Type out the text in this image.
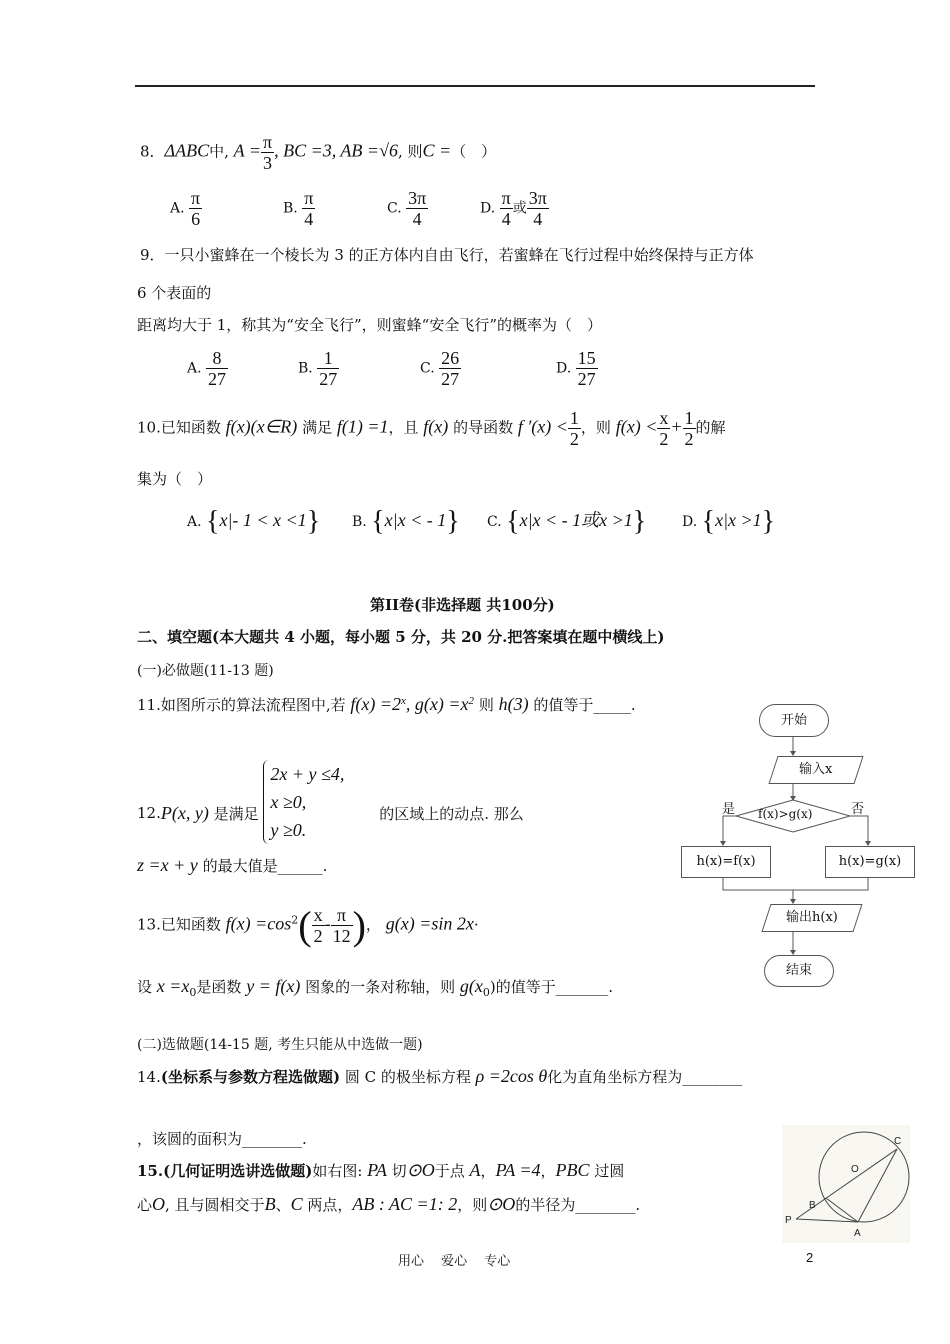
8．ΔABC中, $A = \frac{\pi}{3}$ , BC =3, AB =√6, 则C =（　）
A. $\frac{\pi}{6}$	B. $\frac{\pi}{4}$	C. $\frac{3\pi}{4}$	D. $\frac{\pi}{4}$ 或 $\frac{3\pi}{4}$
9．一只小蜜蜂在一个棱长为 3 的正方体内自由飞行，若蜜蜂在飞行过程中始终保持与正方体
6 个表面的
距离均大于 1，称其为“安全飞行”，则蜜蜂“安全飞行”的概率为（　）
A. $\frac{8}{27}$	B. $\frac{1}{27}$	C. $\frac{26}{27}$	D. $\frac{15}{27}$
10.已知函数 f(x)(x∈R) 满足 f(1) =1，且 f(x) 的导函数 f $'(x) < \frac{1}{2}$ ，则 $f(x) < \frac{x}{2} + \frac{1}{2}$ 的解
集为（　）
A. {x|- 1 < x <1} B. {x|x < - 1} C. {x|x < - 1或x >1}	D. {x|x >1}
第II卷(非选择题 共100分)
二、填空题(本大题共 4 小题，每小题 5 分，共 20 分.把答案填在题中横线上)
(一)必做题(11-13 题)
11.如图所示的算法流程图中,若 $f(x) =2^x$, $g(x) =x^2$ 则 h(3) 的值等于_____.
12.P(x, y) 是满足
2x + y ≤4,
x ≥0,
y ≥0.
的区域上的动点. 那么
z =x + y 的最大值是______.
13.已知函数 $f(x) =\cos^2( \frac{x}{2} - \frac{\pi}{12}$ )， g(x) =sin 2x·
设 $x =x_0$是函数 y = f(x) 图象的一条对称轴，则 $g(x_0)$的值等于_______.
(二)选做题(14-15 题, 考生只能从中选做一题)
14.(坐标系与参数方程选做题) 圆 C 的极坐标方程 ρ =2cos θ化为直角坐标方程为________
，该圆的面积为________.
15.(几何证明选讲选做题)如右图: PA 切⊙O于点 A，PA =4，PBC 过圆
心O, 且与圆相交于B、C 两点，AB : AC =1: 2，则⊙O的半径为________.
开始
输入x
f(x)>g(x)
是	否
h(x)=f(x)	h(x)=g(x)
输出h(x)
结束
C
O
B
P
A
用心　 爱心　 专心	2
